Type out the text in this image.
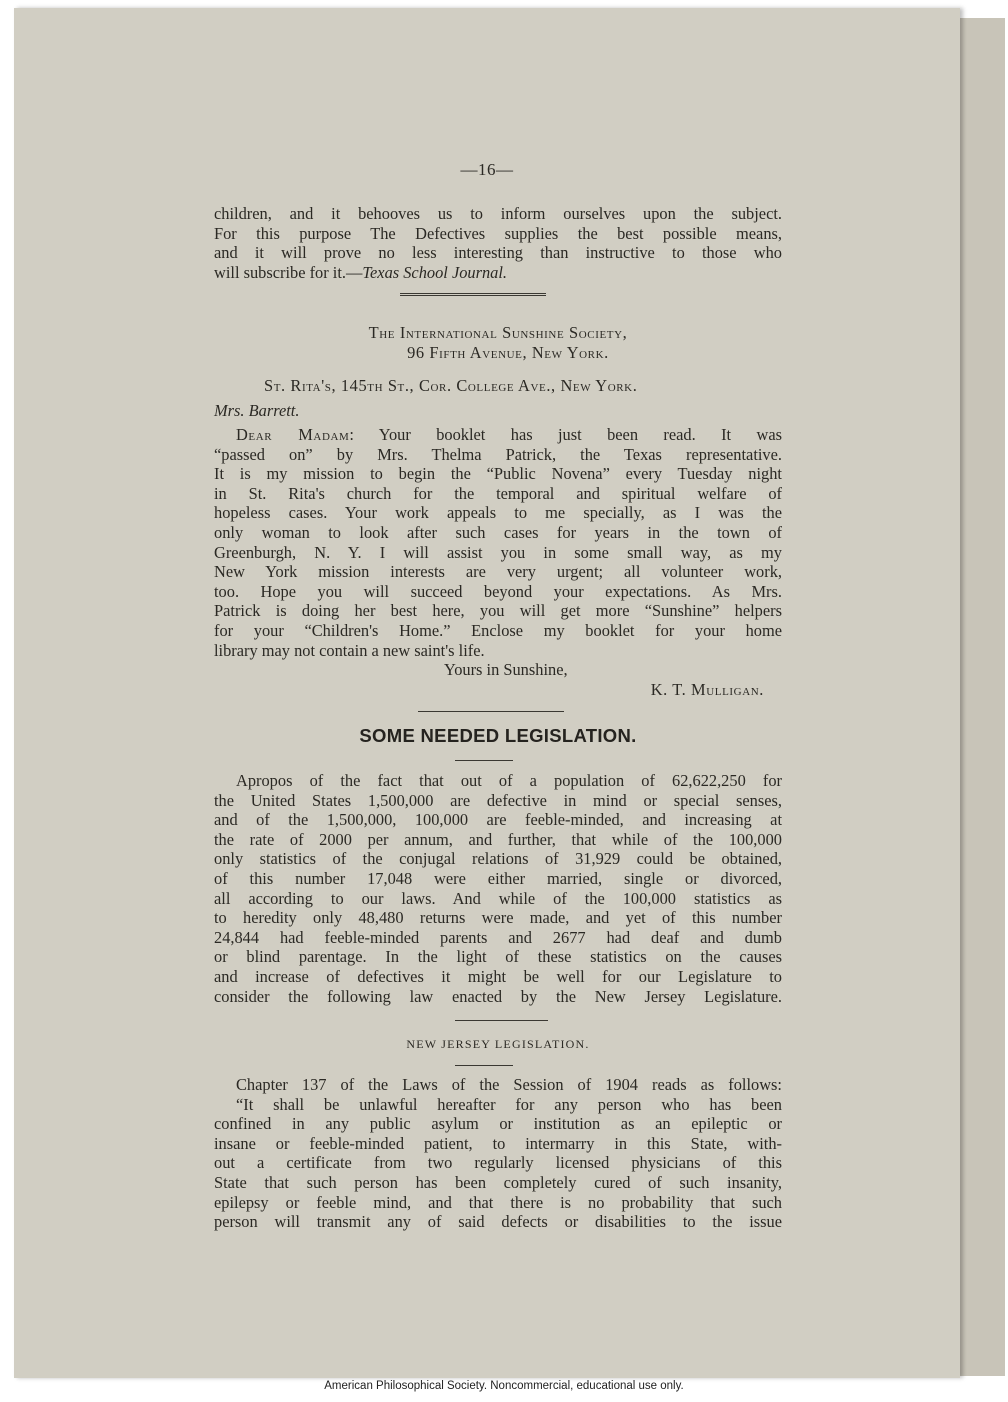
—16—
children, and it behooves us to inform ourselves upon the subject.
For this purpose The Defectives supplies the best possible means,
and it will prove no less interesting than instructive to those who
will subscribe for it.—Texas School Journal.
The International Sunshine Society,
96 Fifth Avenue, New York.
St. Rita's, 145th St., Cor. College Ave., New York.
Mrs. Barrett.
Dear Madam: Your booklet has just been read. It was
“passed on” by Mrs. Thelma Patrick, the Texas representative.
It is my mission to begin the “Public Novena” every Tuesday night
in St. Rita's church for the temporal and spiritual welfare of
hopeless cases. Your work appeals to me specially, as I was the
only woman to look after such cases for years in the town of
Greenburgh, N. Y. I will assist you in some small way, as my
New York mission interests are very urgent; all volunteer work,
too. Hope you will succeed beyond your expectations. As Mrs.
Patrick is doing her best here, you will get more “Sunshine” helpers
for your “Children's Home.” Enclose my booklet for your home
library may not contain a new saint's life.
Yours in Sunshine,
K. T. Mulligan.
SOME NEEDED LEGISLATION.
Apropos of the fact that out of a population of 62,622,250 for
the United States 1,500,000 are defective in mind or special senses,
and of the 1,500,000, 100,000 are feeble-minded, and increasing at
the rate of 2000 per annum, and further, that while of the 100,000
only statistics of the conjugal relations of 31,929 could be obtained,
of this number 17,048 were either married, single or divorced,
all according to our laws. And while of the 100,000 statistics as
to heredity only 48,480 returns were made, and yet of this number
24,844 had feeble-minded parents and 2677 had deaf and dumb
or blind parentage. In the light of these statistics on the causes
and increase of defectives it might be well for our Legislature to
consider the following law enacted by the New Jersey Legislature.
NEW JERSEY LEGISLATION.
Chapter 137 of the Laws of the Session of 1904 reads as follows:
“It shall be unlawful hereafter for any person who has been
confined in any public asylum or institution as an epileptic or
insane or feeble-minded patient, to intermarry in this State, with-
out a certificate from two regularly licensed physicians of this
State that such person has been completely cured of such insanity,
epilepsy or feeble mind, and that there is no probability that such
person will transmit any of said defects or disabilities to the issue
American Philosophical Society. Noncommercial, educational use only.
